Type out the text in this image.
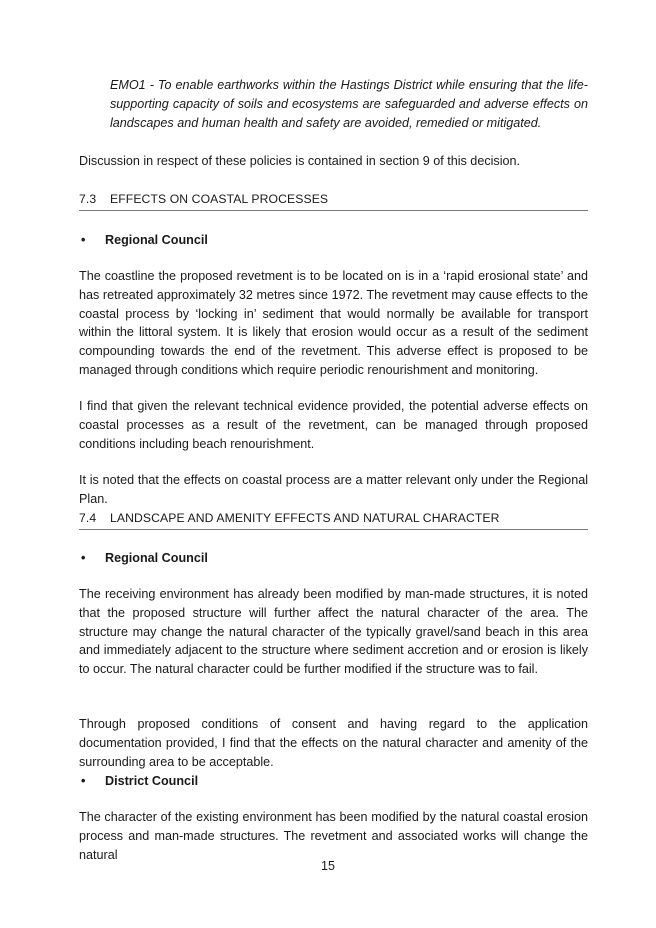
EMO1 - To enable earthworks within the Hastings District while ensuring that the life-supporting capacity of soils and ecosystems are safeguarded and adverse effects on landscapes and human health and safety are avoided, remedied or mitigated.

Discussion in respect of these policies is contained in section 9 of this decision.

7.3 EFFECTS ON COASTAL PROCESSES
• Regional Council

The coastline the proposed revetment is to be located on is in a ‘rapid erosional state’ and has retreated approximately 32 metres since 1972. The revetment may cause effects to the coastal process by ‘locking in’ sediment that would normally be available for transport within the littoral system. It is likely that erosion would occur as a result of the sediment compounding towards the end of the revetment. This adverse effect is proposed to be managed through conditions which require periodic renourishment and monitoring.

I find that given the relevant technical evidence provided, the potential adverse effects on coastal processes as a result of the revetment, can be managed through proposed conditions including beach renourishment.

It is noted that the effects on coastal process are a matter relevant only under the Regional Plan.

7.4 LANDSCAPE AND AMENITY EFFECTS AND NATURAL CHARACTER
• Regional Council

The receiving environment has already been modified by man-made structures, it is noted that the proposed structure will further affect the natural character of the area. The structure may change the natural character of the typically gravel/sand beach in this area and immediately adjacent to the structure where sediment accretion and or erosion is likely to occur. The natural character could be further modified if the structure was to fail.

Through proposed conditions of consent and having regard to the application documentation provided, I find that the effects on the natural character and amenity of the surrounding area to be acceptable.

• District Council

The character of the existing environment has been modified by the natural coastal erosion process and man-made structures. The revetment and associated works will change the natural

15
